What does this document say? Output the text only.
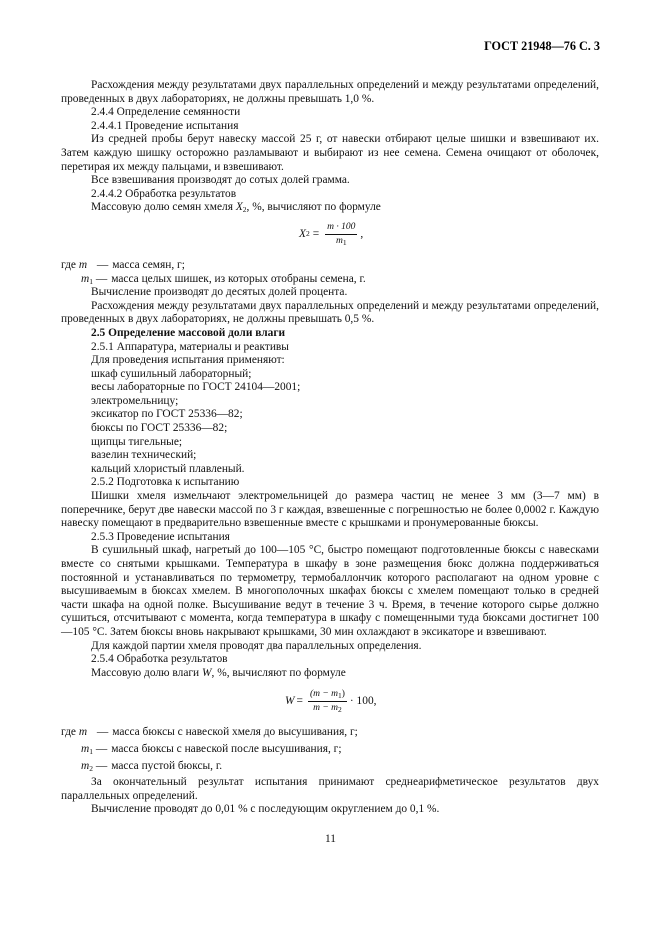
ГОСТ 21948—76 С. 3

Расхождения между результатами двух параллельных определений и между результатами определений, проведенных в двух лабораториях, не должны превышать 1,0 %.

2.4.4 Определение семянности

2.4.4.1 Проведение испытания

Из средней пробы берут навеску массой 25 г, от навески отбирают целые шишки и взвешивают их. Затем каждую шишку осторожно разламывают и выбирают из нее семена. Семена очищают от оболочек, перетирая их между пальцами, и взвешивают.

Все взвешивания производят до сотых долей грамма.

2.4.4.2 Обработка результатов

Массовую долю семян хмеля $X_2$, %, вычисляют по формуле

X $2 = \frac{m \cdot 100}{m_1}$ ,
где m — масса семян, г;
$m_1$ — масса целых шишек, из которых отобраны семена, г.

Вычисление производят до десятых долей процента.

Расхождения между результатами двух параллельных определений и между результатами определений, проведенных в двух лабораториях, не должны превышать 0,5 %.

2.5 Определение массовой доли влаги

2.5.1 Аппаратура, материалы и реактивы

Для проведения испытания применяют:

шкаф сушильный лабораторный;

весы лабораторные по ГОСТ 24104—2001;

электромельницу;

эксикатор по ГОСТ 25336—82;

бюксы по ГОСТ 25336—82;

щипцы тигельные;

вазелин технический;

кальций хлористый плавленый.

2.5.2 Подготовка к испытанию

Шишки хмеля измельчают электромельницей до размера частиц не менее 3 мм (3—7 мм) в поперечнике, берут две навески массой по 3 г каждая, взвешенные с погрешностью не более 0,0002 г. Каждую навеску помещают в предварительно взвешенные вместе с крышками и пронумерованные бюксы.

2.5.3 Проведение испытания

В сушильный шкаф, нагретый до 100—105 °С, быстро помещают подготовленные бюксы с навесками вместе со снятыми крышками. Температура в шкафу в зоне размещения бюкс должна поддерживаться постоянной и устанавливаться по термометру, термобаллончик которого располагают на одном уровне с высушиваемым в бюксах хмелем. В многополочных шкафах бюксы с хмелем помещают только в средней части шкафа на одной полке. Высушивание ведут в течение 3 ч. Время, в течение которого сырье должно сушиться, отсчитывают с момента, когда температура в шкафу с помещенными туда бюксами достигнет 100—105 °С. Затем бюксы вновь накрывают крышками, 30 мин охлаждают в эксикаторе и взвешивают.

Для каждой партии хмеля проводят два параллельных определения.

2.5.4 Обработка результатов

Массовую долю влаги W, %, вычисляют по формуле

$W = \frac{(m - m_1)}{m - m_2} \cdot 100$,
где m — масса бюксы с навеской хмеля до высушивания, г;
$m_1$ — масса бюксы с навеской после высушивания, г;
$m_2$ — масса пустой бюксы, г.

За окончательный результат испытания принимают среднеарифметическое результатов двух параллельных определений.

Вычисление проводят до 0,01 % с последующим округлением до 0,1 %.

11
